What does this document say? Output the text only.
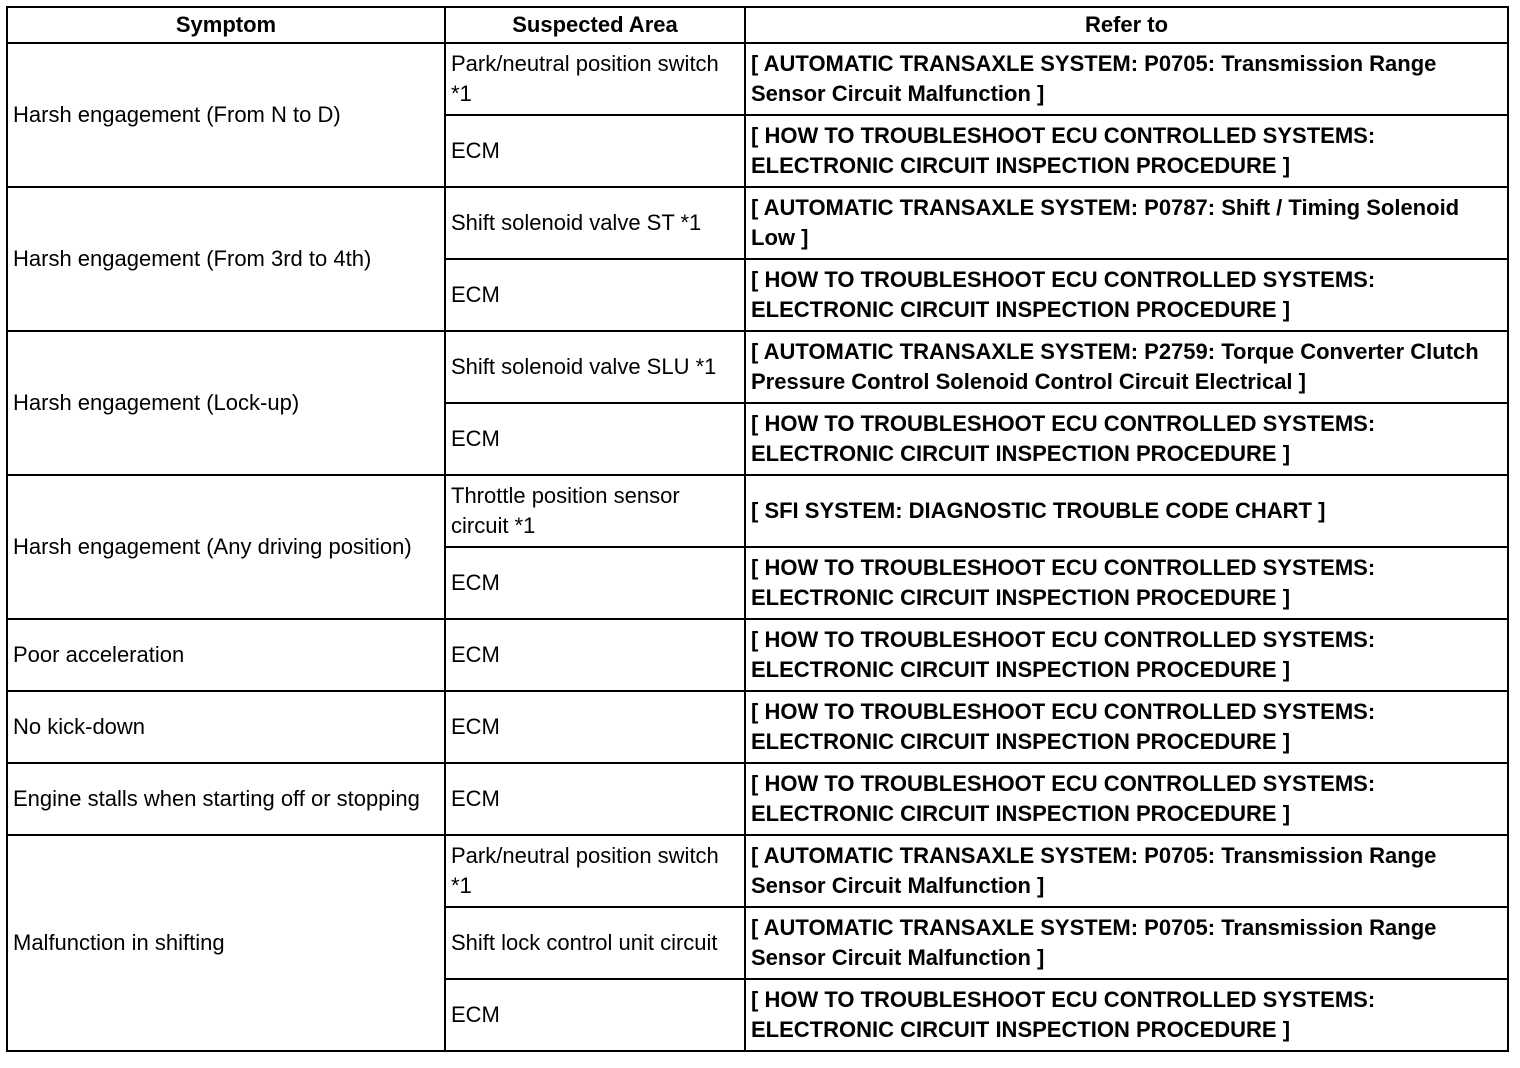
Symptom	Suspected Area	Refer to
Harsh engagement (From N to D)	Park/neutral position switch *1	[ AUTOMATIC TRANSAXLE SYSTEM: P0705: Transmission Range Sensor Circuit Malfunction ]
	ECM	[ HOW TO TROUBLESHOOT ECU CONTROLLED SYSTEMS: ELECTRONIC CIRCUIT INSPECTION PROCEDURE ]
Harsh engagement (From 3rd to 4th)	Shift solenoid valve ST *1	[ AUTOMATIC TRANSAXLE SYSTEM: P0787: Shift / Timing Solenoid Low ]
	ECM	[ HOW TO TROUBLESHOOT ECU CONTROLLED SYSTEMS: ELECTRONIC CIRCUIT INSPECTION PROCEDURE ]
Harsh engagement (Lock-up)	Shift solenoid valve SLU *1	[ AUTOMATIC TRANSAXLE SYSTEM: P2759: Torque Converter Clutch Pressure Control Solenoid Control Circuit Electrical ]
	ECM	[ HOW TO TROUBLESHOOT ECU CONTROLLED SYSTEMS: ELECTRONIC CIRCUIT INSPECTION PROCEDURE ]
Harsh engagement (Any driving position)	Throttle position sensor circuit *1	[ SFI SYSTEM: DIAGNOSTIC TROUBLE CODE CHART ]
	ECM	[ HOW TO TROUBLESHOOT ECU CONTROLLED SYSTEMS: ELECTRONIC CIRCUIT INSPECTION PROCEDURE ]
Poor acceleration	ECM	[ HOW TO TROUBLESHOOT ECU CONTROLLED SYSTEMS: ELECTRONIC CIRCUIT INSPECTION PROCEDURE ]
No kick-down	ECM	[ HOW TO TROUBLESHOOT ECU CONTROLLED SYSTEMS: ELECTRONIC CIRCUIT INSPECTION PROCEDURE ]
Engine stalls when starting off or stopping	ECM	[ HOW TO TROUBLESHOOT ECU CONTROLLED SYSTEMS: ELECTRONIC CIRCUIT INSPECTION PROCEDURE ]
Malfunction in shifting	Park/neutral position switch *1	[ AUTOMATIC TRANSAXLE SYSTEM: P0705: Transmission Range Sensor Circuit Malfunction ]
	Shift lock control unit circuit	[ AUTOMATIC TRANSAXLE SYSTEM: P0705: Transmission Range Sensor Circuit Malfunction ]
	ECM	[ HOW TO TROUBLESHOOT ECU CONTROLLED SYSTEMS: ELECTRONIC CIRCUIT INSPECTION PROCEDURE ]
